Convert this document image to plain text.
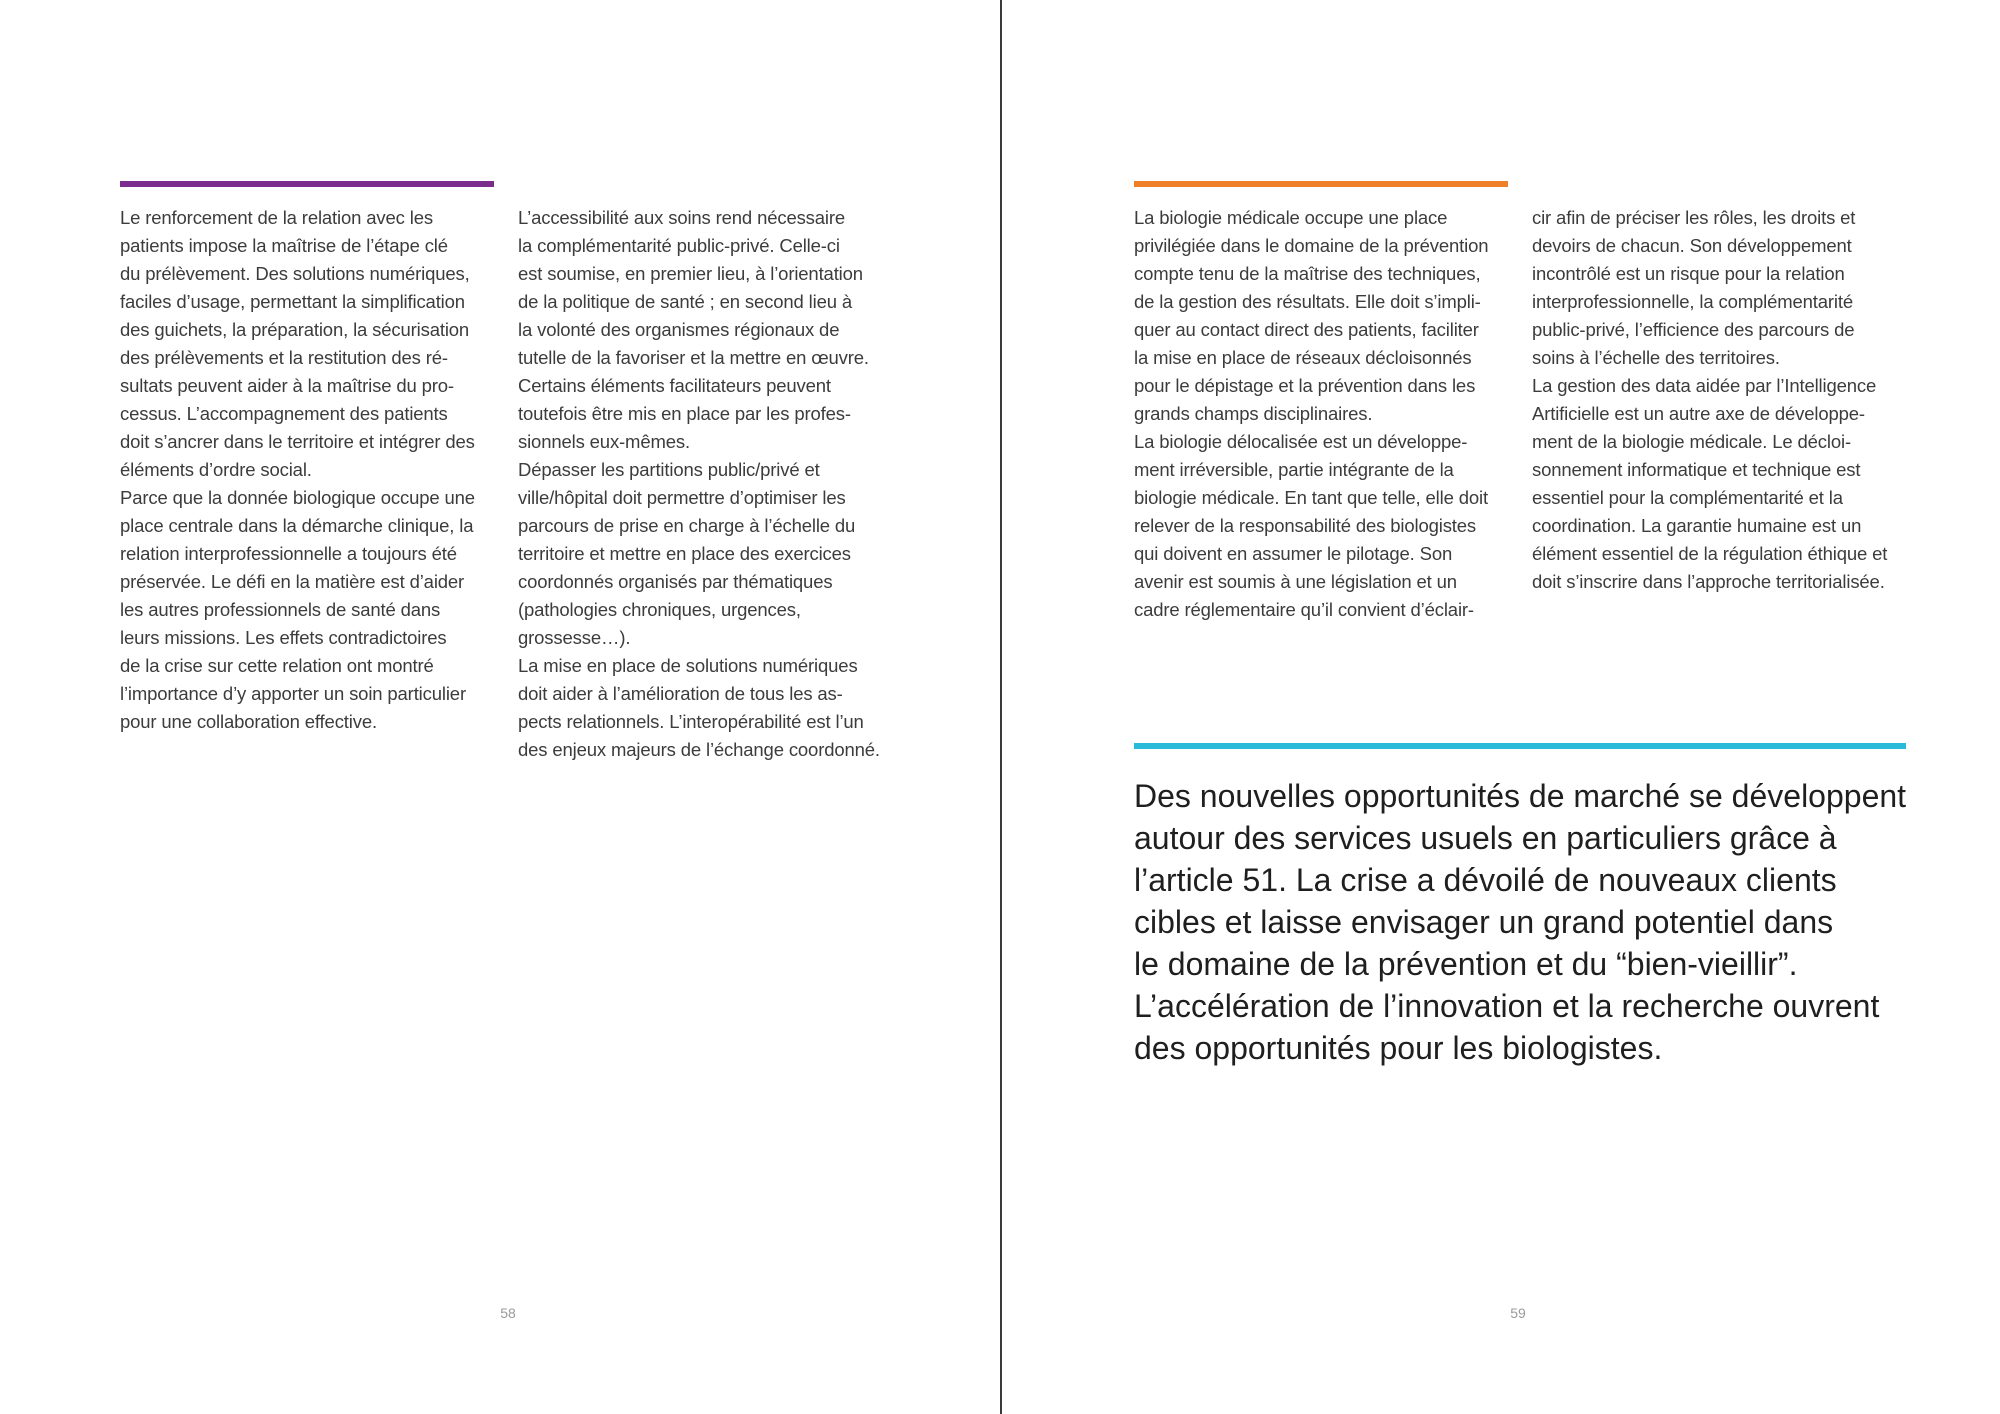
Le renforcement de la relation avec les
patients impose la maîtrise de l’étape clé
du prélèvement. Des solutions numériques,
faciles d’usage, permettant la simplification
des guichets, la préparation, la sécurisation
des prélèvements et la restitution des ré-
sultats peuvent aider à la maîtrise du pro-
cessus. L’accompagnement des patients
doit s’ancrer dans le territoire et intégrer des
éléments d’ordre social.

Parce que la donnée biologique occupe une
place centrale dans la démarche clinique, la
relation interprofessionnelle a toujours été
préservée. Le défi en la matière est d’aider
les autres professionnels de santé dans
leurs missions. Les effets contradictoires
de la crise sur cette relation ont montré
l’importance d’y apporter un soin particulier
pour une collaboration effective.

L’accessibilité aux soins rend nécessaire
la complémentarité public-privé. Celle-ci
est soumise, en premier lieu, à l’orientation
de la politique de santé ; en second lieu à
la volonté des organismes régionaux de
tutelle de la favoriser et la mettre en œuvre.
Certains éléments facilitateurs peuvent
toutefois être mis en place par les profes-
sionnels eux-mêmes.

Dépasser les partitions public/privé et
ville/hôpital doit permettre d’optimiser les
parcours de prise en charge à l’échelle du
territoire et mettre en place des exercices
coordonnés organisés par thématiques
(pathologies chroniques, urgences,
grossesse…).

La mise en place de solutions numériques
doit aider à l’amélioration de tous les as-
pects relationnels. L’interopérabilité est l’un
des enjeux majeurs de l’échange coordonné.

58

La biologie médicale occupe une place
privilégiée dans le domaine de la prévention
compte tenu de la maîtrise des techniques,
de la gestion des résultats. Elle doit s’impli-
quer au contact direct des patients, faciliter
la mise en place de réseaux décloisonnés
pour le dépistage et la prévention dans les
grands champs disciplinaires.

La biologie délocalisée est un développe-
ment irréversible, partie intégrante de la
biologie médicale. En tant que telle, elle doit
relever de la responsabilité des biologistes
qui doivent en assumer le pilotage. Son
avenir est soumis à une législation et un
cadre réglementaire qu’il convient d’éclair-

cir afin de préciser les rôles, les droits et
devoirs de chacun. Son développement
incontrôlé est un risque pour la relation
interprofessionnelle, la complémentarité
public-privé, l’efficience des parcours de
soins à l’échelle des territoires.

La gestion des data aidée par l’Intelligence
Artificielle est un autre axe de développe-
ment de la biologie médicale. Le décloi-
sonnement informatique et technique est
essentiel pour la complémentarité et la
coordination. La garantie humaine est un
élément essentiel de la régulation éthique et
doit s’inscrire dans l’approche territorialisée.

Des nouvelles opportunités de marché se développent
autour des services usuels en particuliers grâce à
l’article 51. La crise a dévoilé de nouveaux clients
cibles et laisse envisager un grand potentiel dans
le domaine de la prévention et du “bien-vieillir”.
L’accélération de l’innovation et la recherche ouvrent
des opportunités pour les biologistes.
59
